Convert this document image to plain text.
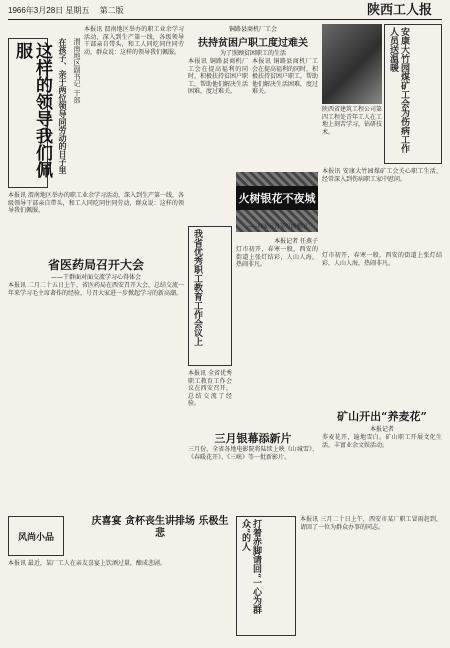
1966年3月28日 星期五 第二版	陕西工人报
这样的领导我们佩服	在孩子、亲于两位领导同劳动的日子里 渭南地区副书记 干部
本报讯 渭南地区举办的职工业余学习活动，深入到生产第一线，各级领导干部亲自带头，和工人同吃同住同劳动，群众说：这样的领导我们佩服。
本报讯 渭南地区举办的职工业余学习活动，深入到生产第一线，各级领导干部亲自带头，和工人同吃同住同劳动，群众说：这样的领导我们佩服。
省医药局召开大会
——干群面对面交流学习心得体会
本报讯 二月二十五日上午，省医药局在西安召开大会，总结交流一年来学习毛主席著作的经验，号召大家进一步掀起学习的新高潮。
铜路县商机厂工会
扶持贫困户职工度过难关
为了照顾贫困职工的生活
本报讯 铜路县商机厂工会在提高福利的同时，积极扶持贫困户职工，帮助他们解决生活困难，度过难关。
本报讯 铜路县商机厂工会在提高福利的同时，积极扶持贫困户职工，帮助他们解决生活困难，度过难关。	安康大竹园煤矿工会为伤病工作人员送温暖
陕西省建筑工程公司第四工程处青年工人在工地上刻苦学习，钻研技术。
本报讯 安康大竹园煤矿工会关心职工生活，经常深入到伤病职工家中慰问。
火树银花不夜城
——西安元宵节灯展侧记
我省优秀职工教育工作会议上
本报讯 全省优秀职工教育工作会议在西安召开，总结交流了经验。
本报记者 任燕子
灯市初开，春寒一般，西安的街道上张灯结彩，人山人海，热闹非凡。
灯市初开，春寒一般，西安的街道上张灯结彩，人山人海，热闹非凡。
三月银幕添新片
三月份，全省各地电影院将陆续上映《山城雪》、《春暖花开》、《三峡》等一批新影片。
矿山开出“养麦花”
本报记者
荞麦花开，遍地雪白。矿山职工开展文化生活，丰富业余文娱活动。
风尚小品
庆喜宴 贪杯丧生讲排场 乐极生悲
本报讯 最近，某厂工人在亲友喜宴上饮酒过量，酿成悲剧。	打着赤脚请回“一心为群众”的人	本报讯 三月二十日上午，西安市某厂职工冒雨赶到，请回了一位为群众办事的同志。
